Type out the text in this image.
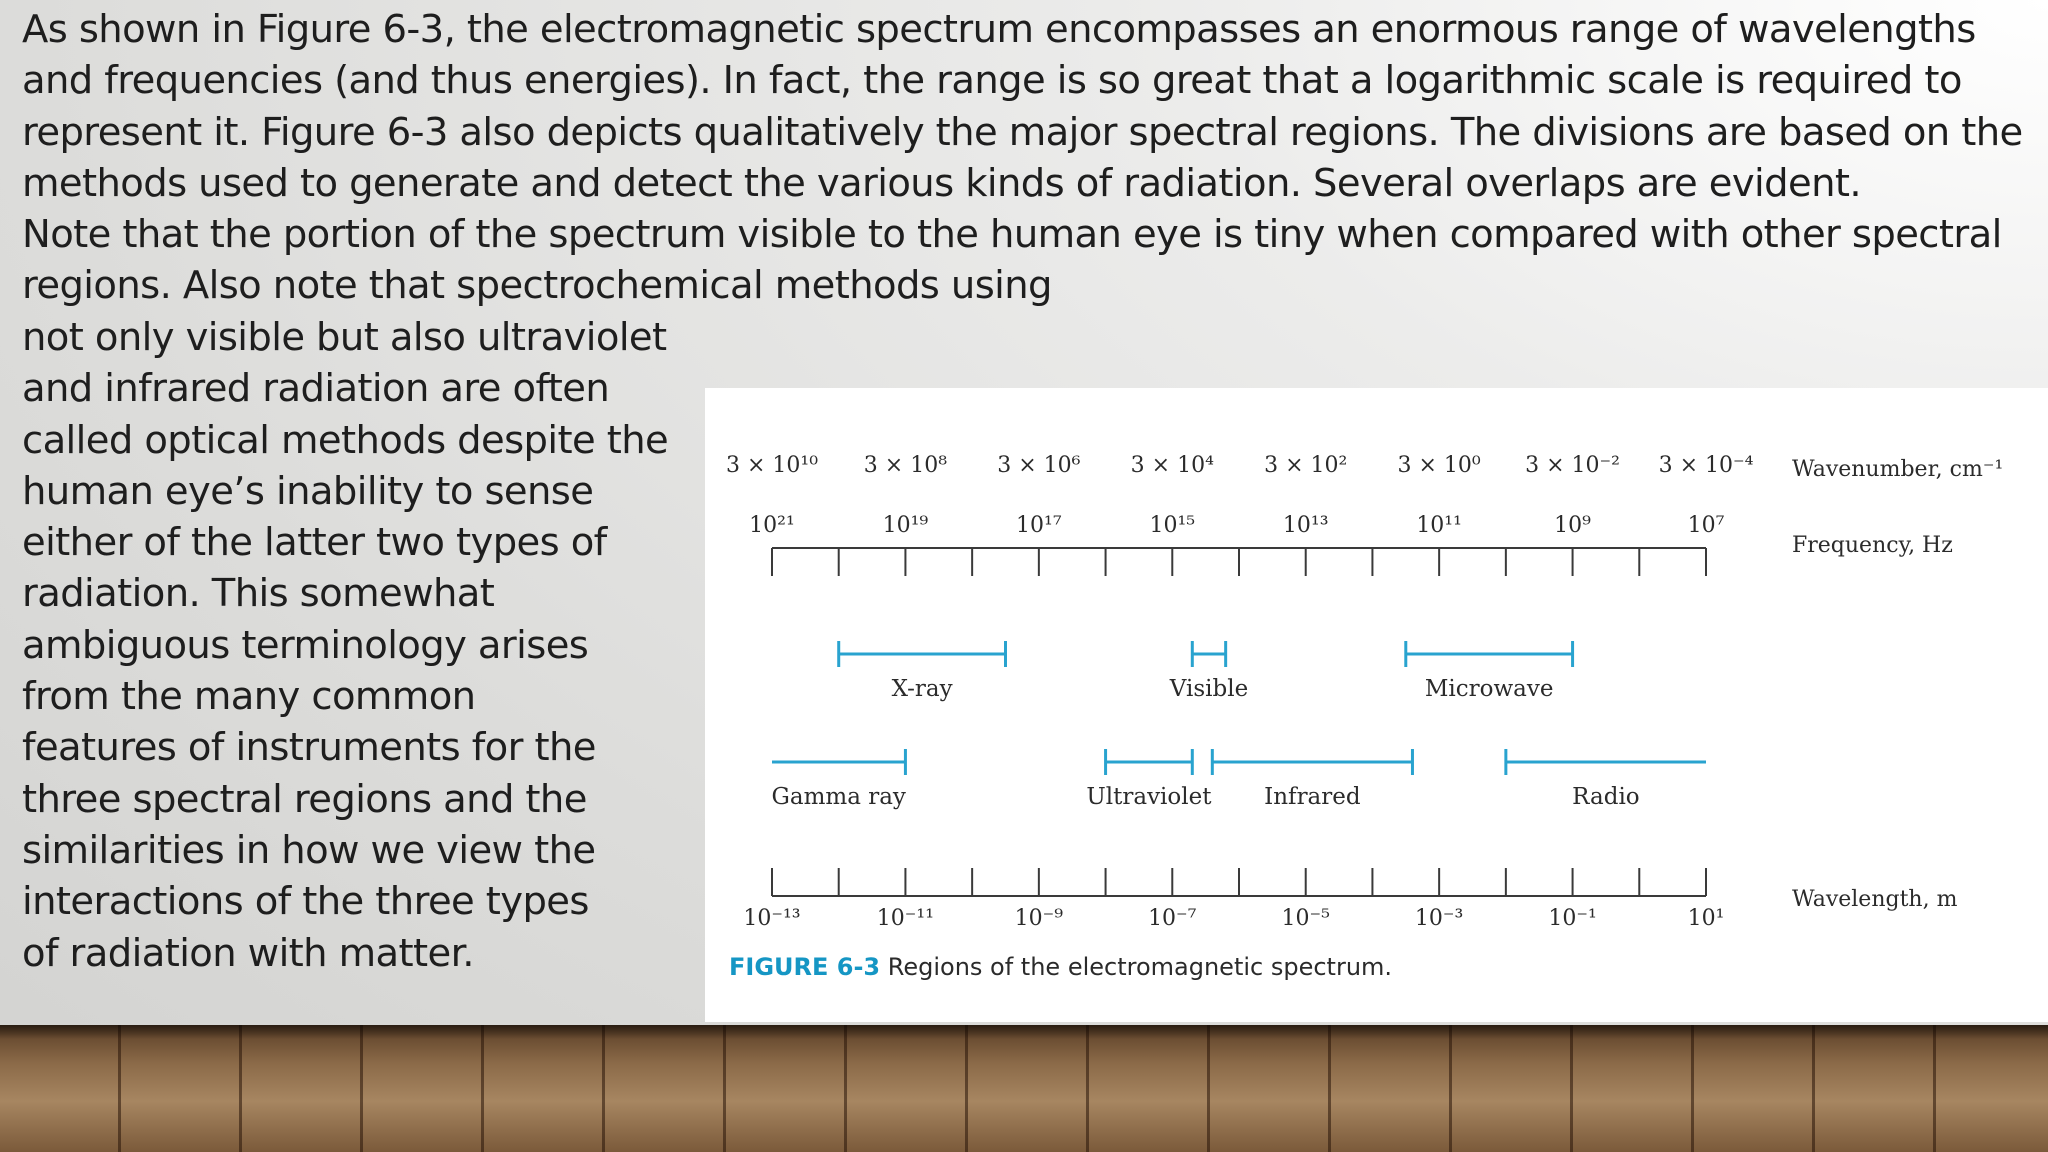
As shown in Figure 6-3, the electromagnetic spectrum encompasses an enormous range of wavelengths
and frequencies (and thus energies). In fact, the range is so great that a logarithmic scale is required to
represent it. Figure 6-3 also depicts qualitatively the major spectral regions. The divisions are based on the
methods used to generate and detect the various kinds of radiation. Several overlaps are evident.
Note that the portion of the spectrum visible to the human eye is tiny when compared with other spectral
regions. Also note that spectrochemical methods using

not only visible but also ultraviolet
and infrared radiation are often
called optical methods despite the
human eye’s inability to sense
either of the latter two types of
radiation. This somewhat
ambiguous terminology arises
from the many common
features of instruments for the
three spectral regions and the
similarities in how we view the
interactions of the three types
of radiation with matter.

3 × 10¹⁰ 3 × 10⁸ 3 × 10⁶ 3 × 10⁴ 3 × 10² 3 × 10⁰ 3 × 10⁻² 3 × 10⁻⁴ Wavenumber, cm⁻¹
10²¹	10¹⁹	10¹⁷	10¹⁵	10¹³	10¹¹	10⁹	10⁷
Frequency, Hz
X-ray	Visible	Microwave
Gamma ray	Ultraviolet Infrared	Radio
10⁻¹³	10⁻¹¹	10⁻⁹	10⁻⁷	10⁻⁵	10⁻³	10⁻¹	10¹
Wavelength, m
FIGURE 6-3 Regions of the electromagnetic spectrum.
